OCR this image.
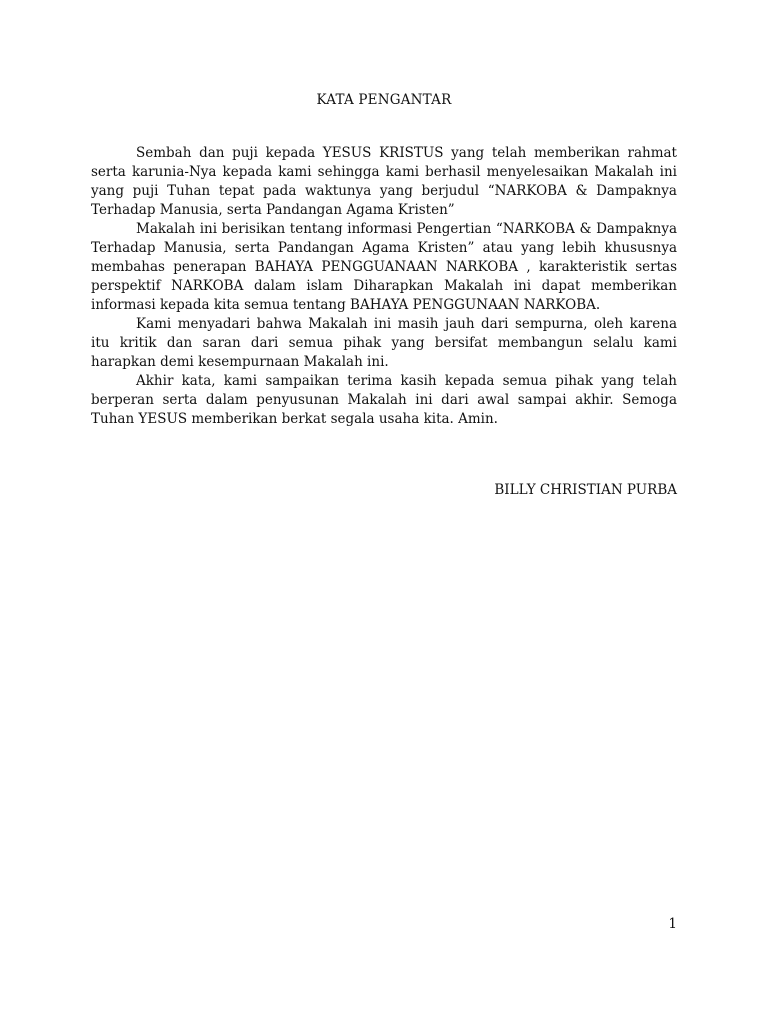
KATA PENGANTAR

Sembah dan puji kepada YESUS KRISTUS yang telah memberikan rahmat serta karunia-Nya kepada kami sehingga kami berhasil menyelesaikan Makalah ini yang puji Tuhan tepat pada waktunya yang berjudul “NARKOBA & Dampaknya Terhadap Manusia, serta Pandangan Agama Kristen”

Makalah ini berisikan tentang informasi Pengertian “NARKOBA & Dampaknya Terhadap Manusia, serta Pandangan Agama Kristen” atau yang lebih khususnya membahas penerapan BAHAYA PENGGUANAAN NARKOBA , karakteristik sertas perspektif NARKOBA dalam islam Diharapkan Makalah ini dapat memberikan informasi kepada kita semua tentang BAHAYA PENGGUNAAN NARKOBA.

Kami menyadari bahwa Makalah ini masih jauh dari sempurna, oleh karena itu kritik dan saran dari semua pihak yang bersifat membangun selalu kami harapkan demi kesempurnaan Makalah ini.

Akhir kata, kami sampaikan terima kasih kepada semua pihak yang telah berperan serta dalam penyusunan Makalah ini dari awal sampai akhir. Semoga Tuhan YESUS memberikan berkat segala usaha kita. Amin.

BILLY CHRISTIAN PURBA
1
